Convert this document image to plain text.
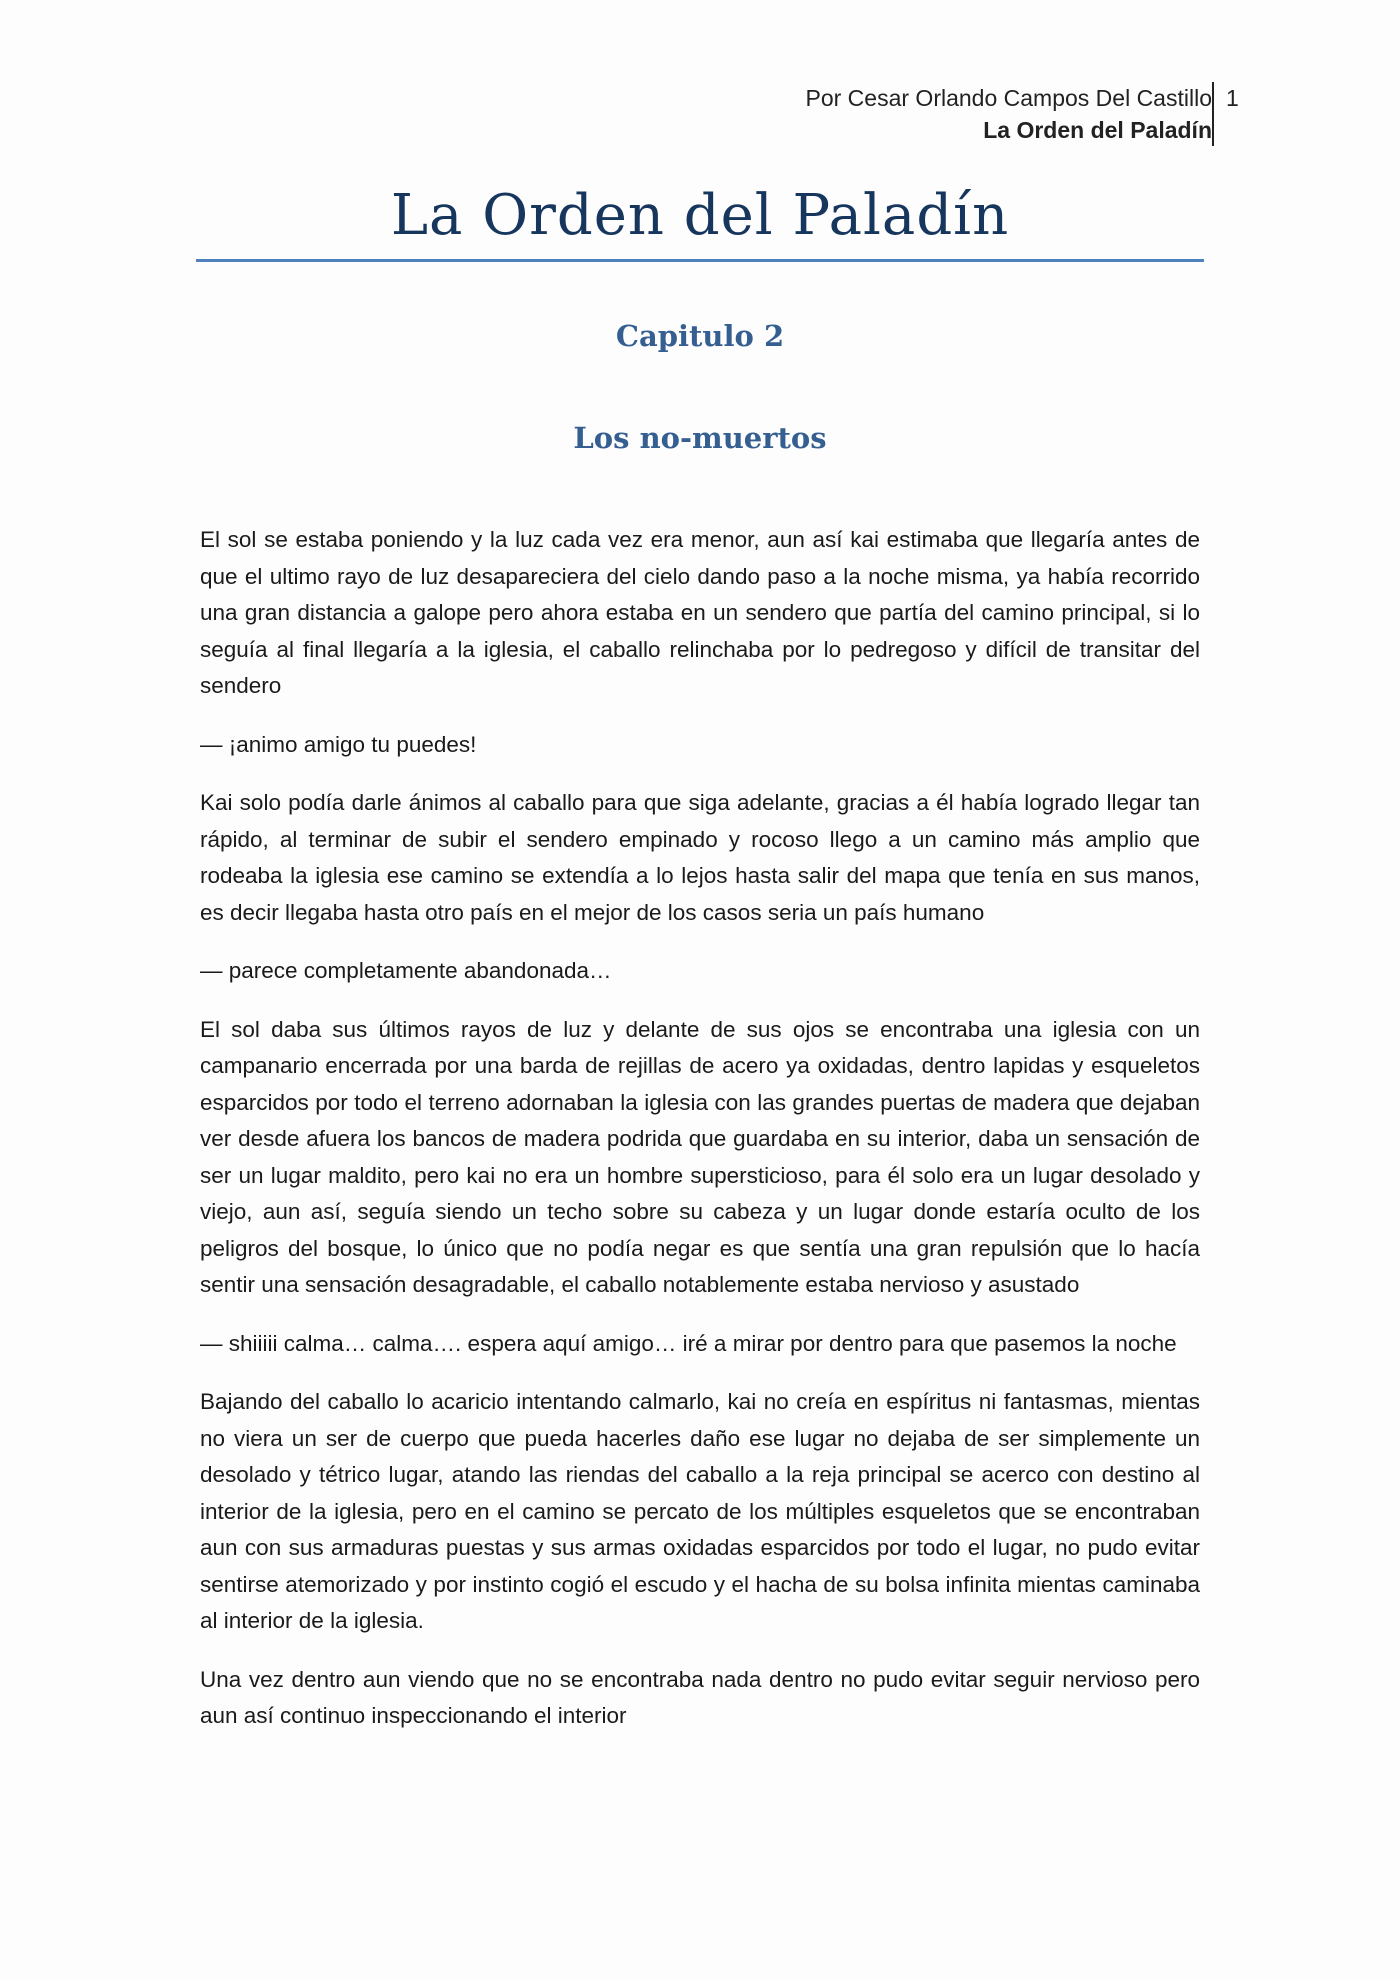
Por Cesar Orlando Campos Del Castillo
La Orden del Paladín
1
La Orden del Paladín
Capitulo 2
Los no-muertos

El sol se estaba poniendo y la luz cada vez era menor, aun así kai estimaba que llegaría antes de que el ultimo rayo de luz desapareciera del cielo dando paso a la noche misma, ya había recorrido una gran distancia a galope pero ahora estaba en un sendero que partía del camino principal, si lo seguía al final llegaría a la iglesia, el caballo relinchaba por lo pedregoso y difícil de transitar del sendero

— ¡animo amigo tu puedes!

Kai solo podía darle ánimos al caballo para que siga adelante, gracias a él había logrado llegar tan rápido, al terminar de subir el sendero empinado y rocoso llego a un camino más amplio que rodeaba la iglesia ese camino se extendía a lo lejos hasta salir del mapa que tenía en sus manos, es decir llegaba hasta otro país en el mejor de los casos seria un país humano

— parece completamente abandonada…

El sol daba sus últimos rayos de luz y delante de sus ojos se encontraba una iglesia con un campanario encerrada por una barda de rejillas de acero ya oxidadas, dentro lapidas y esqueletos esparcidos por todo el terreno adornaban la iglesia con las grandes puertas de madera que dejaban ver desde afuera los bancos de madera podrida que guardaba en su interior, daba un sensación de ser un lugar maldito, pero kai no era un hombre supersticioso, para él solo era un lugar desolado y viejo, aun así, seguía siendo un techo sobre su cabeza y un lugar donde estaría oculto de los peligros del bosque, lo único que no podía negar es que sentía una gran repulsión que lo hacía sentir una sensación desagradable, el caballo notablemente estaba nervioso y asustado

— shiiiii calma… calma…. espera aquí amigo… iré a mirar por dentro para que pasemos la noche

Bajando del caballo lo acaricio intentando calmarlo, kai no creía en espíritus ni fantasmas, mientas no viera un ser de cuerpo que pueda hacerles daño ese lugar no dejaba de ser simplemente un desolado y tétrico lugar, atando las riendas del caballo a la reja principal se acerco con destino al interior de la iglesia, pero en el camino se percato de los múltiples esqueletos que se encontraban aun con sus armaduras puestas y sus armas oxidadas esparcidos por todo el lugar, no pudo evitar sentirse atemorizado y por instinto cogió el escudo y el hacha de su bolsa infinita mientas caminaba al interior de la iglesia.

Una vez dentro aun viendo que no se encontraba nada dentro no pudo evitar seguir nervioso pero aun así continuo inspeccionando el interior
